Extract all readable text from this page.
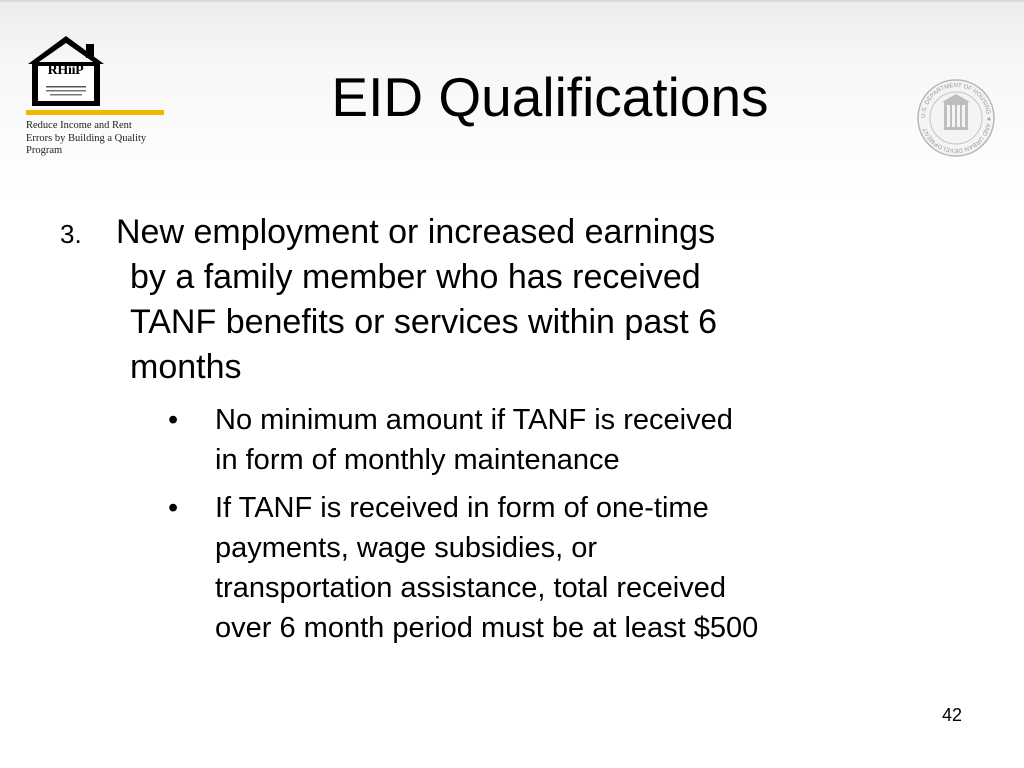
RHiiP
Reduce Income and Rent
Errors by Building a Quality
Program
U.S. DEPARTMENT OF HOUSING ★ AND URBAN DEVELOPMENT
EID Qualifications
3. New employment or increased earnings
by a family member who has received
TANF benefits or services within past 6
months
• No minimum amount if TANF is received
in form of monthly maintenance
• If TANF is received in form of one-time
payments, wage subsidies, or
transportation assistance, total received
over 6 month period must be at least $500
42
